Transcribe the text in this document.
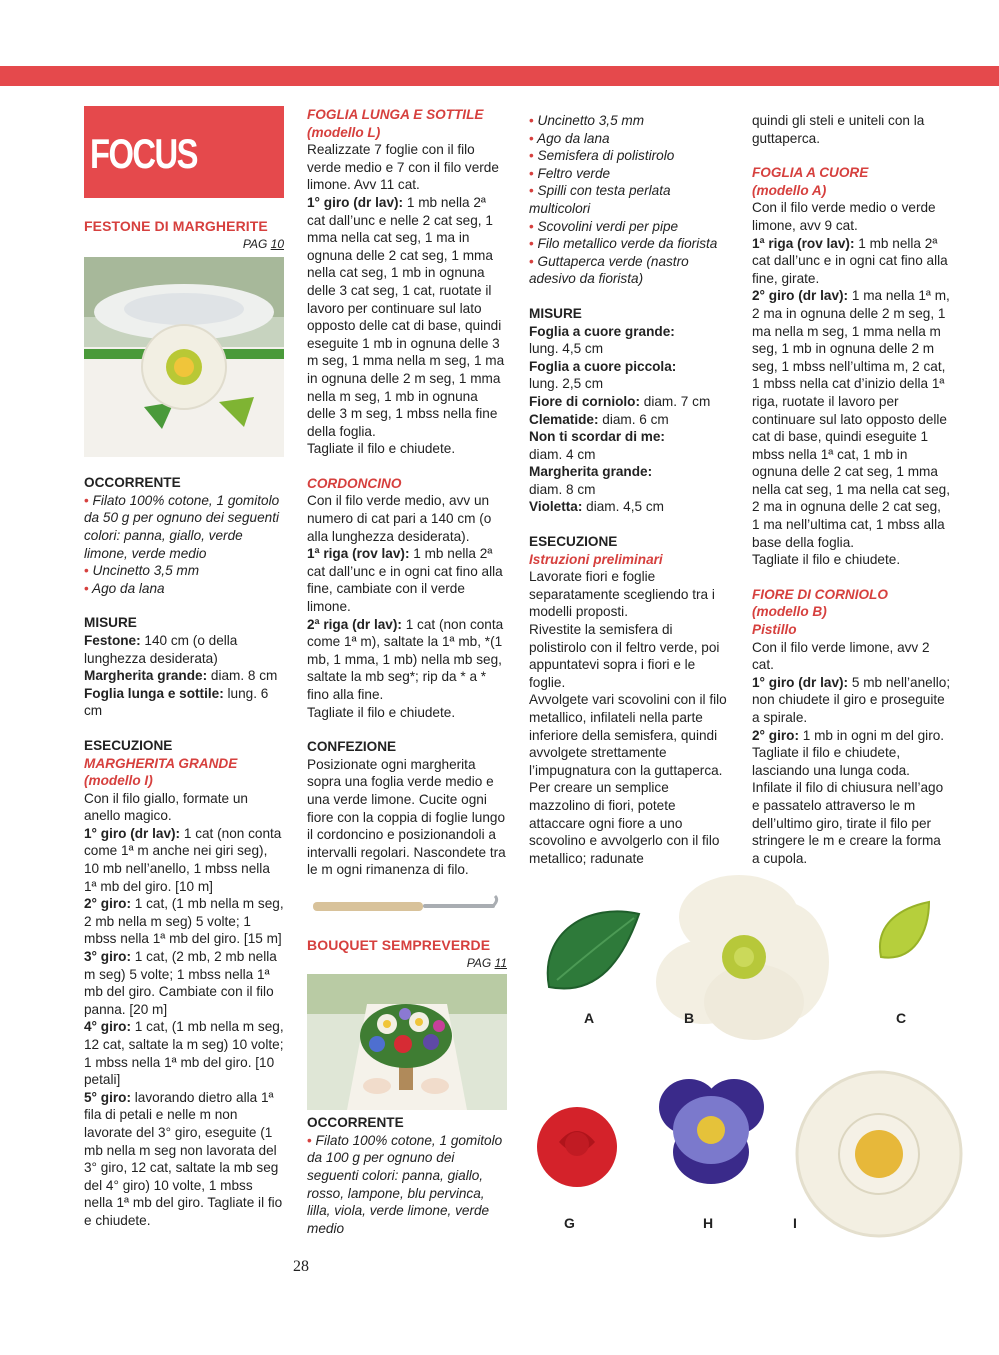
FOCUS

FESTONE DI MARGHERITE

PAG 10

OCCORRENTE

• Filato 100% cotone, 1 gomitolo da 50 g per ognuno dei seguenti colori: panna, giallo, verde limone, verde medio

• Uncinetto 3,5 mm

• Ago da lana

MISURE

Festone: 140 cm (o della lunghezza desiderata)

Margherita grande: diam. 8 cm

Foglia lunga e sottile: lung. 6 cm

ESECUZIONE

MARGHERITA GRANDE

(modello I)

Con il filo giallo, formate un anello magico.

1° giro (dr lav): 1 cat (non conta come 1ª m anche nei giri seg), 10 mb nell’anello, 1 mbss nella 1ª mb del giro. [10 m]

2° giro: 1 cat, (1 mb nella m seg, 2 mb nella m seg) 5 volte; 1 mbss nella 1ª mb del giro. [15 m]

3° giro: 1 cat, (2 mb, 2 mb nella m seg) 5 volte; 1 mbss nella 1ª mb del giro. Cambiate con il filo panna. [20 m]

4° giro: 1 cat, (1 mb nella m seg, 12 cat, saltate la m seg) 10 volte; 1 mbss nella 1ª mb del giro. [10 petali]

5° giro: lavorando dietro alla 1ª fila di petali e nelle m non lavorate del 3° giro, eseguite (1 mb nella m seg non lavorata del 3° giro, 12 cat, saltate la mb seg del 4° giro) 10 volte, 1 mbss nella 1ª mb del giro. Tagliate il fio e chiudete.

FOGLIA LUNGA E SOTTILE

(modello L)

Realizzate 7 foglie con il filo verde medio e 7 con il filo verde limone. Avv 11 cat.

1° giro (dr lav): 1 mb nella 2ª cat dall’unc e nelle 2 cat seg, 1 mma nella cat seg, 1 ma in ognuna delle 2 cat seg, 1 mma nella cat seg, 1 mb in ognuna delle 3 cat seg, 1 cat, ruotate il lavoro per continuare sul lato opposto delle cat di base, quindi eseguite 1 mb in ognuna delle 3 m seg, 1 mma nella m seg, 1 ma in ognuna delle 2 m seg, 1 mma nella m seg, 1 mb in ognuna delle 3 m seg, 1 mbss nella fine della foglia.

Tagliate il filo e chiudete.

CORDONCINO

Con il filo verde medio, avv un numero di cat pari a 140 cm (o alla lunghezza desiderata).

1ª riga (rov lav): 1 mb nella 2ª cat dall’unc e in ogni cat fino alla fine, cambiate con il verde limone.

2ª riga (dr lav): 1 cat (non conta come 1ª m), saltate la 1ª mb, *(1 mb, 1 mma, 1 mb) nella mb seg, saltate la mb seg*; rip da * a * fino alla fine.

Tagliate il filo e chiudete.

CONFEZIONE

Posizionate ogni margherita sopra una foglia verde medio e una verde limone. Cucite ogni fiore con la coppia di foglie lungo il cordoncino e posizionandoli a intervalli regolari. Nascondete tra le m ogni rimanenza di filo.

BOUQUET SEMPREVERDE

PAG 11

OCCORRENTE

• Filato 100% cotone, 1 gomitolo da 100 g per ognuno dei seguenti colori: panna, giallo, rosso, lampone, blu pervinca, lilla, viola, verde limone, verde medio

• Uncinetto 3,5 mm

• Ago da lana

• Semisfera di polistirolo

• Feltro verde

• Spilli con testa perlata multicolori

• Scovolini verdi per pipe

• Filo metallico verde da fiorista

• Guttaperca verde (nastro adesivo da fiorista)

MISURE

Foglia a cuore grande:

lung. 4,5 cm

Foglia a cuore piccola:

lung. 2,5 cm

Fiore di corniolo: diam. 7 cm

Clematide: diam. 6 cm

Non ti scordar di me:

diam. 4 cm

Margherita grande:

diam. 8 cm

Violetta: diam. 4,5 cm

ESECUZIONE

Istruzioni preliminari

Lavorate fiori e foglie separatamente scegliendo tra i modelli proposti.

Rivestite la semisfera di polistirolo con il feltro verde, poi appuntatevi sopra i fiori e le foglie.

Avvolgete vari scovolini con il filo metallico, infilateli nella parte inferiore della semisfera, quindi avvolgete strettamente l’impugnatura con la guttaperca.

Per creare un semplice mazzolino di fiori, potete attaccare ogni fiore a uno scovolino e avvolgerlo con il filo metallico; radunate

quindi gli steli e uniteli con la guttaperca.

FOGLIA A CUORE

(modello A)

Con il filo verde medio o verde limone, avv 9 cat.

1ª riga (rov lav): 1 mb nella 2ª cat dall’unc e in ogni cat fino alla fine, girate.

2° giro (dr lav): 1 ma nella 1ª m, 2 ma in ognuna delle 2 m seg, 1 ma nella m seg, 1 mma nella m seg, 1 mb in ognuna delle 2 m seg, 1 mbss nell’ultima m, 2 cat, 1 mbss nella cat d’inizio della 1ª riga, ruotate il lavoro per continuare sul lato opposto delle cat di base, quindi eseguite 1 mbss nella 1ª cat, 1 mb in ognuna delle 2 cat seg, 1 mma nella cat seg, 1 ma nella cat seg, 2 ma in ognuna delle 2 cat seg, 1 ma nell’ultima cat, 1 mbss alla base della foglia.

Tagliate il filo e chiudete.

FIORE DI CORNIOLO

(modello B)

Pistillo

Con il filo verde limone, avv 2 cat.

1° giro (dr lav): 5 mb nell’anello; non chiudete il giro e proseguite a spirale.

2° giro: 1 mb in ogni m del giro.

Tagliate il filo e chiudete, lasciando una lunga coda.

Infilate il filo di chiusura nell’ago e passatelo attraverso le m dell’ultimo giro, tirate il filo per stringere le m e creare la forma a cupola.

A	B	C
G	H	I
28
